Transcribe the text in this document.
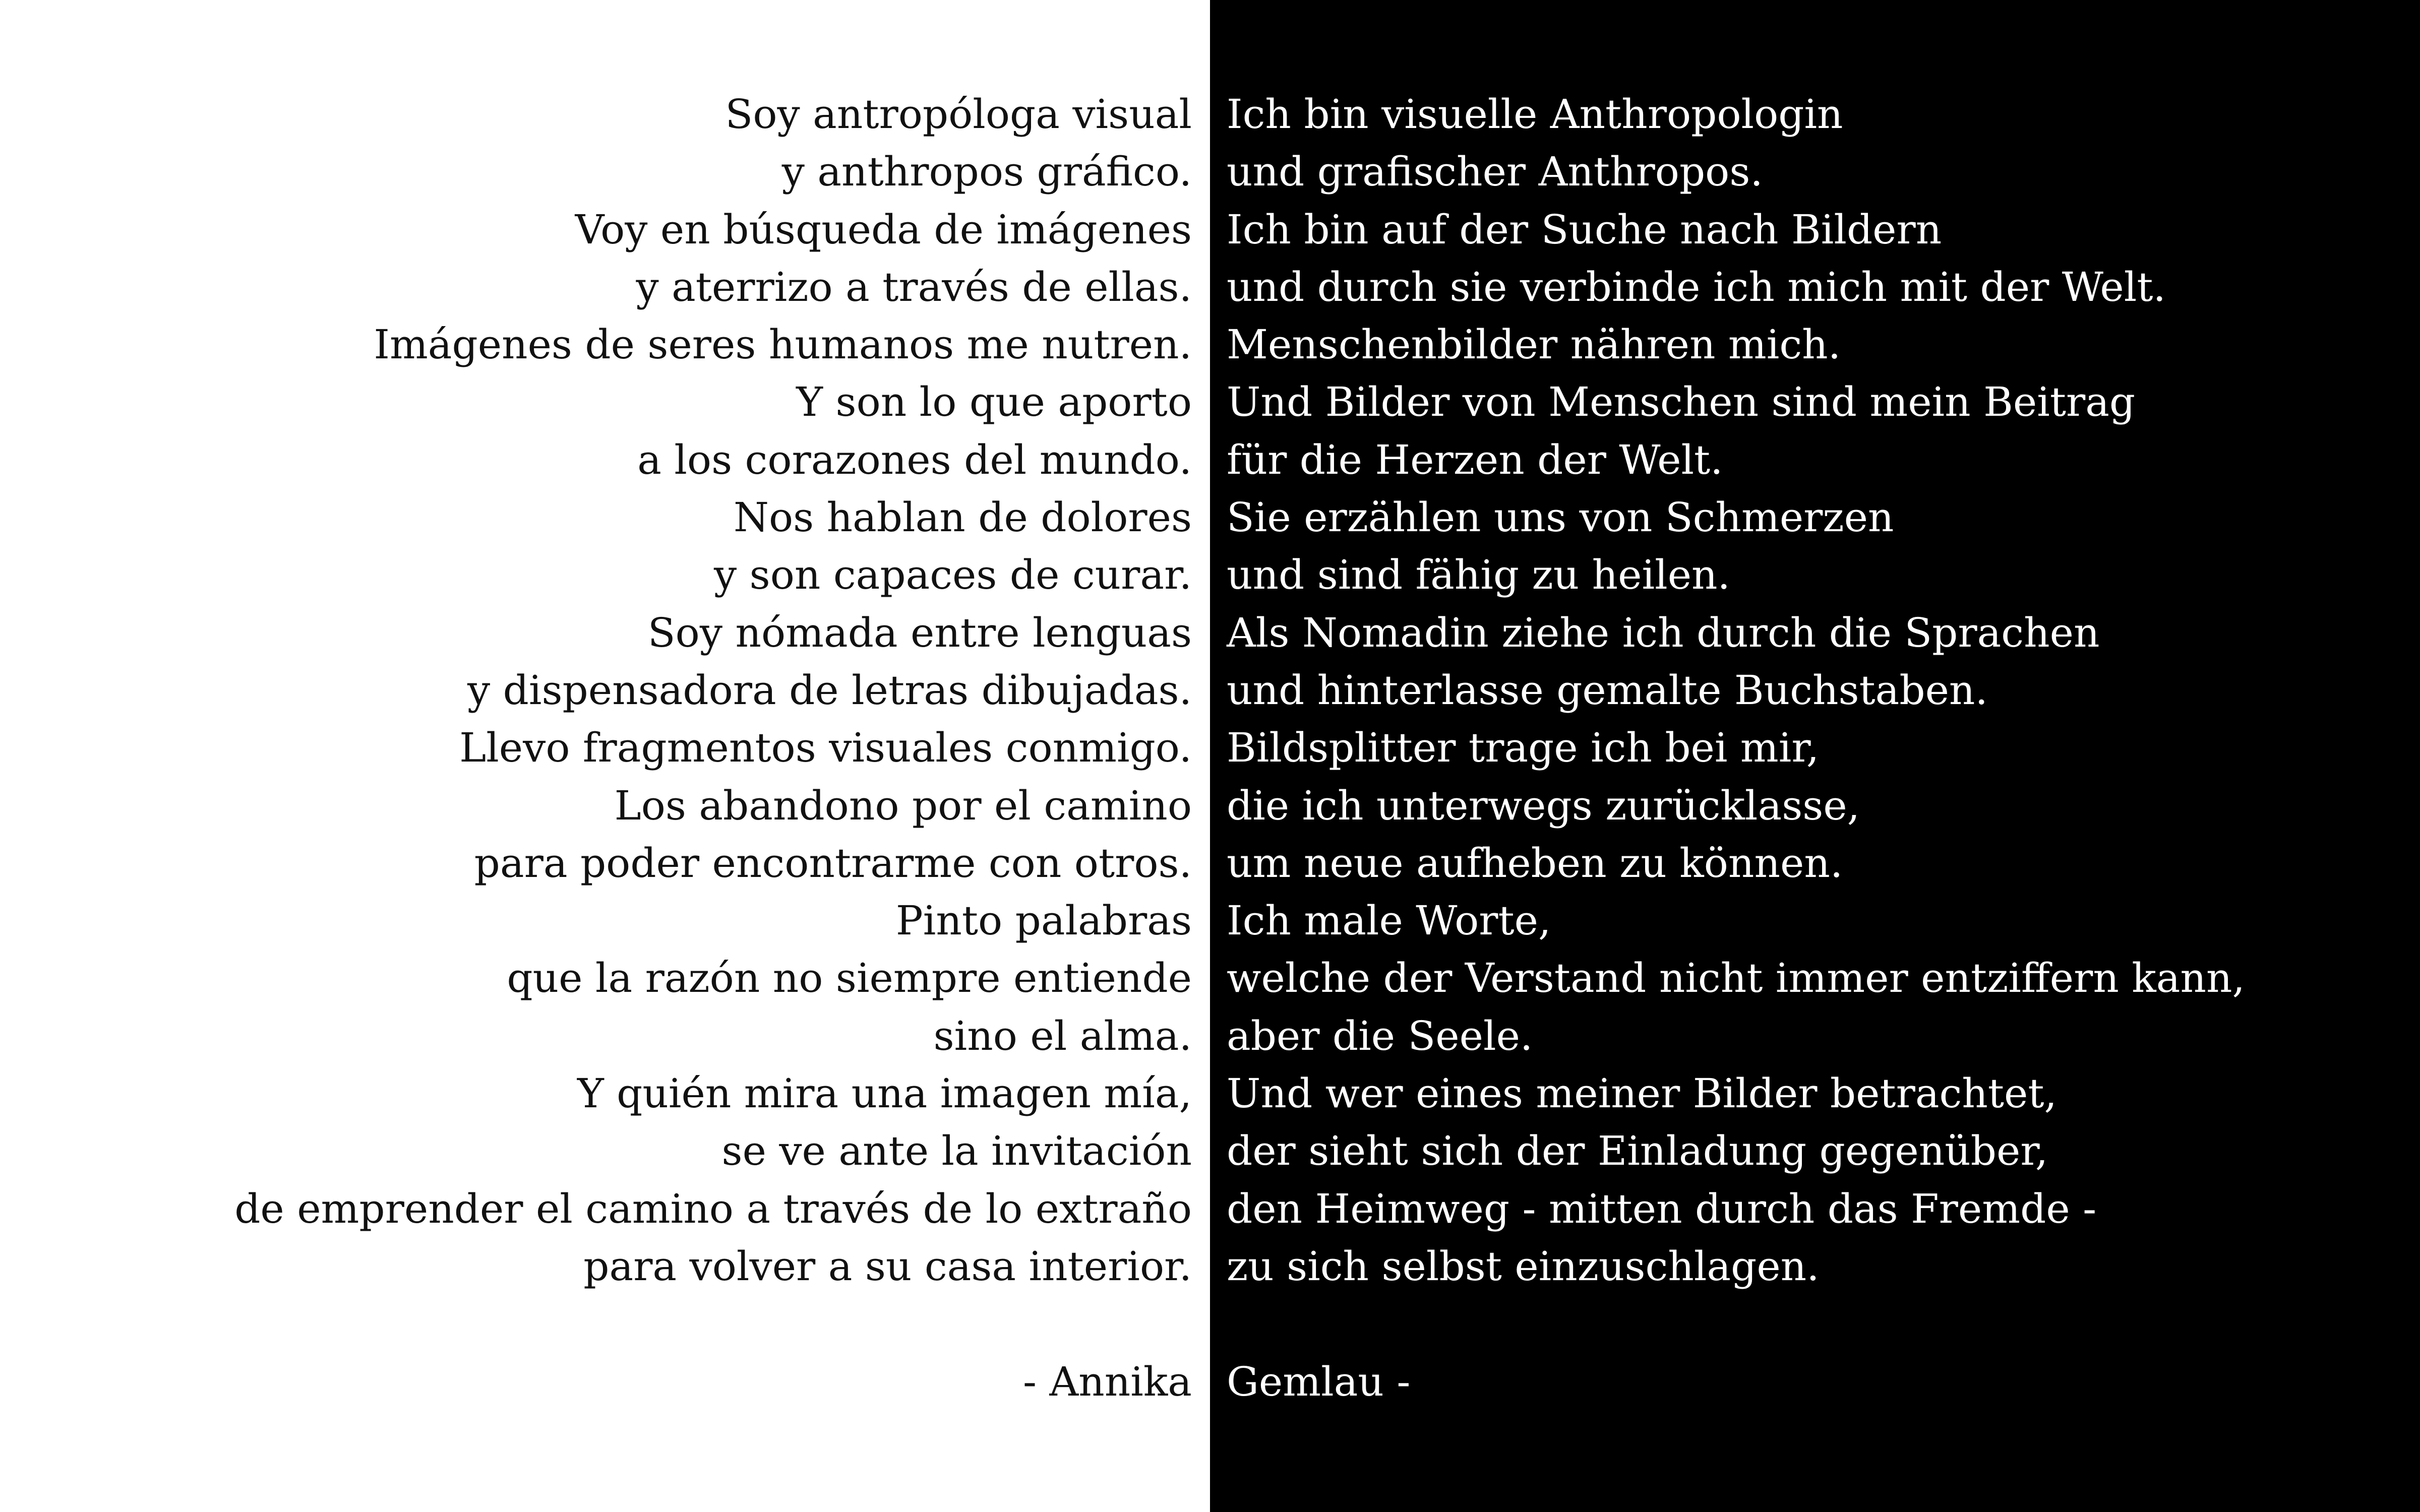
Soy antropóloga visual
y anthropos gráfico.
Voy en búsqueda de imágenes
y aterrizo a través de ellas.
Imágenes de seres humanos me nutren.
Y son lo que aporto
a los corazones del mundo.
Nos hablan de dolores
y son capaces de curar.
Soy nómada entre lenguas
y dispensadora de letras dibujadas.
Llevo fragmentos visuales conmigo.
Los abandono por el camino
para poder encontrarme con otros.
Pinto palabras
que la razón no siempre entiende
sino el alma.
Y quién mira una imagen mía,
se ve ante la invitación
de emprender el camino a través de lo extraño
para volver a su casa interior.
- Annika
Ich bin visuelle Anthropologin
und grafischer Anthropos.
Ich bin auf der Suche nach Bildern
und durch sie verbinde ich mich mit der Welt.
Menschenbilder nähren mich.
Und Bilder von Menschen sind mein Beitrag
für die Herzen der Welt.
Sie erzählen uns von Schmerzen
und sind fähig zu heilen.
Als Nomadin ziehe ich durch die Sprachen
und hinterlasse gemalte Buchstaben.
Bildsplitter trage ich bei mir,
die ich unterwegs zurücklasse,
um neue aufheben zu können.
Ich male Worte,
welche der Verstand nicht immer entziffern kann,
aber die Seele.
Und wer eines meiner Bilder betrachtet,
der sieht sich der Einladung gegenüber,
den Heimweg - mitten durch das Fremde -
zu sich selbst einzuschlagen.
Gemlau -
